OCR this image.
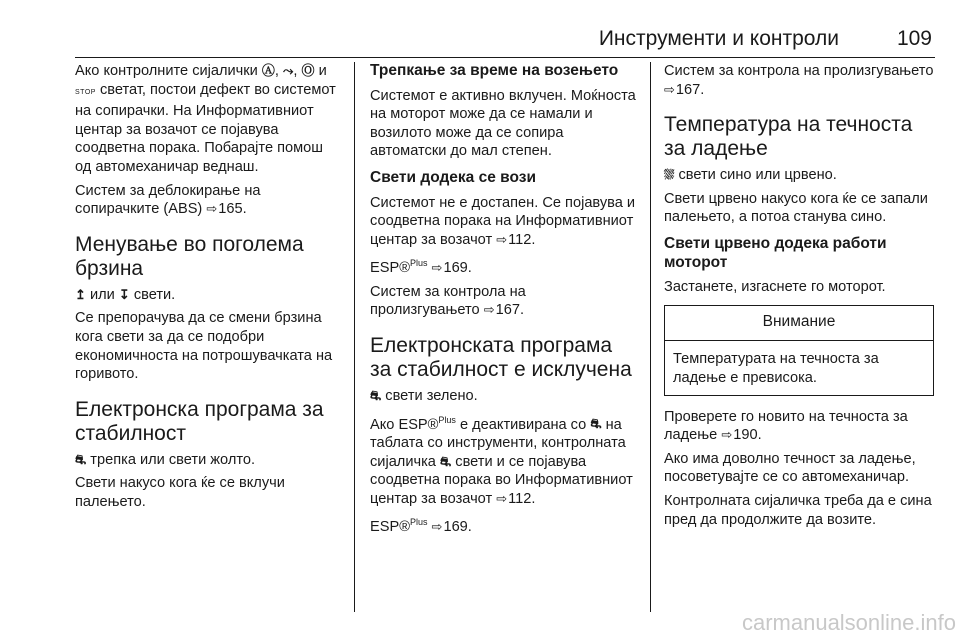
Инструменти и контроли	109

Ако контролните сијалички Ⓐ, ⤳, Ⓞ и STOP светат, постои дефект во системот на сопирачки. На Информативниот центар за возачот се појавува соодветна порака. Побарајте помош од автомеханичар веднаш.

Систем за деблокирање на сопирачките (ABS) ⇨165.

Менување во поголема брзина

↥ или ↧ свети.

Се препорачува да се смени брзина кога свети за да се подобри економичноста на потрошувачката на горивото.

Електронска програма за стабилност

⛐ трепка или свети жолто.

Свети накусо кога ќе се вклучи палењето.

Трепкање за време на возењето

Системот е активно вклучен. Моќноста на моторот може да се намали и возилото може да се сопира автоматски до мал степен.

Свети додека се вози

Системот не е достапен. Се појавува и соодветна порака на Информативниот центар за возачот ⇨112.

ESP®$^{Plus}$ ⇨169.

Систем за контрола на пролизгувањето ⇨167.

Електронската програма за стабилност е исклучена

⛐ свети зелено.

Ако ESP®$^{Plus}$ е деактивирана со ⛐ на таблата со инструменти, контролната сијаличка ⛐ свети и се појавува соодветна порака во Информативниот центар за возачот ⇨112.

ESP®$^{Plus}$ ⇨169.

Систем за контрола на пролизгувањето ⇨167.

Температура на течноста за ладење

⛆ свети сино или црвено.

Свети црвено накусо кога ќе се запали палењето, а потоа станува сино.

Свети црвено додека работи моторот

Застанете, изгаснете го моторот.

Внимание
Температурата на течноста за ладење е превисока.

Проверете го новито на течноста за ладење ⇨190.

Ако има доволно течност за ладење, посоветувајте се со автомеханичар.

Контролната сијаличка треба да е сина пред да продолжите да возите.

carmanualsonline.info
